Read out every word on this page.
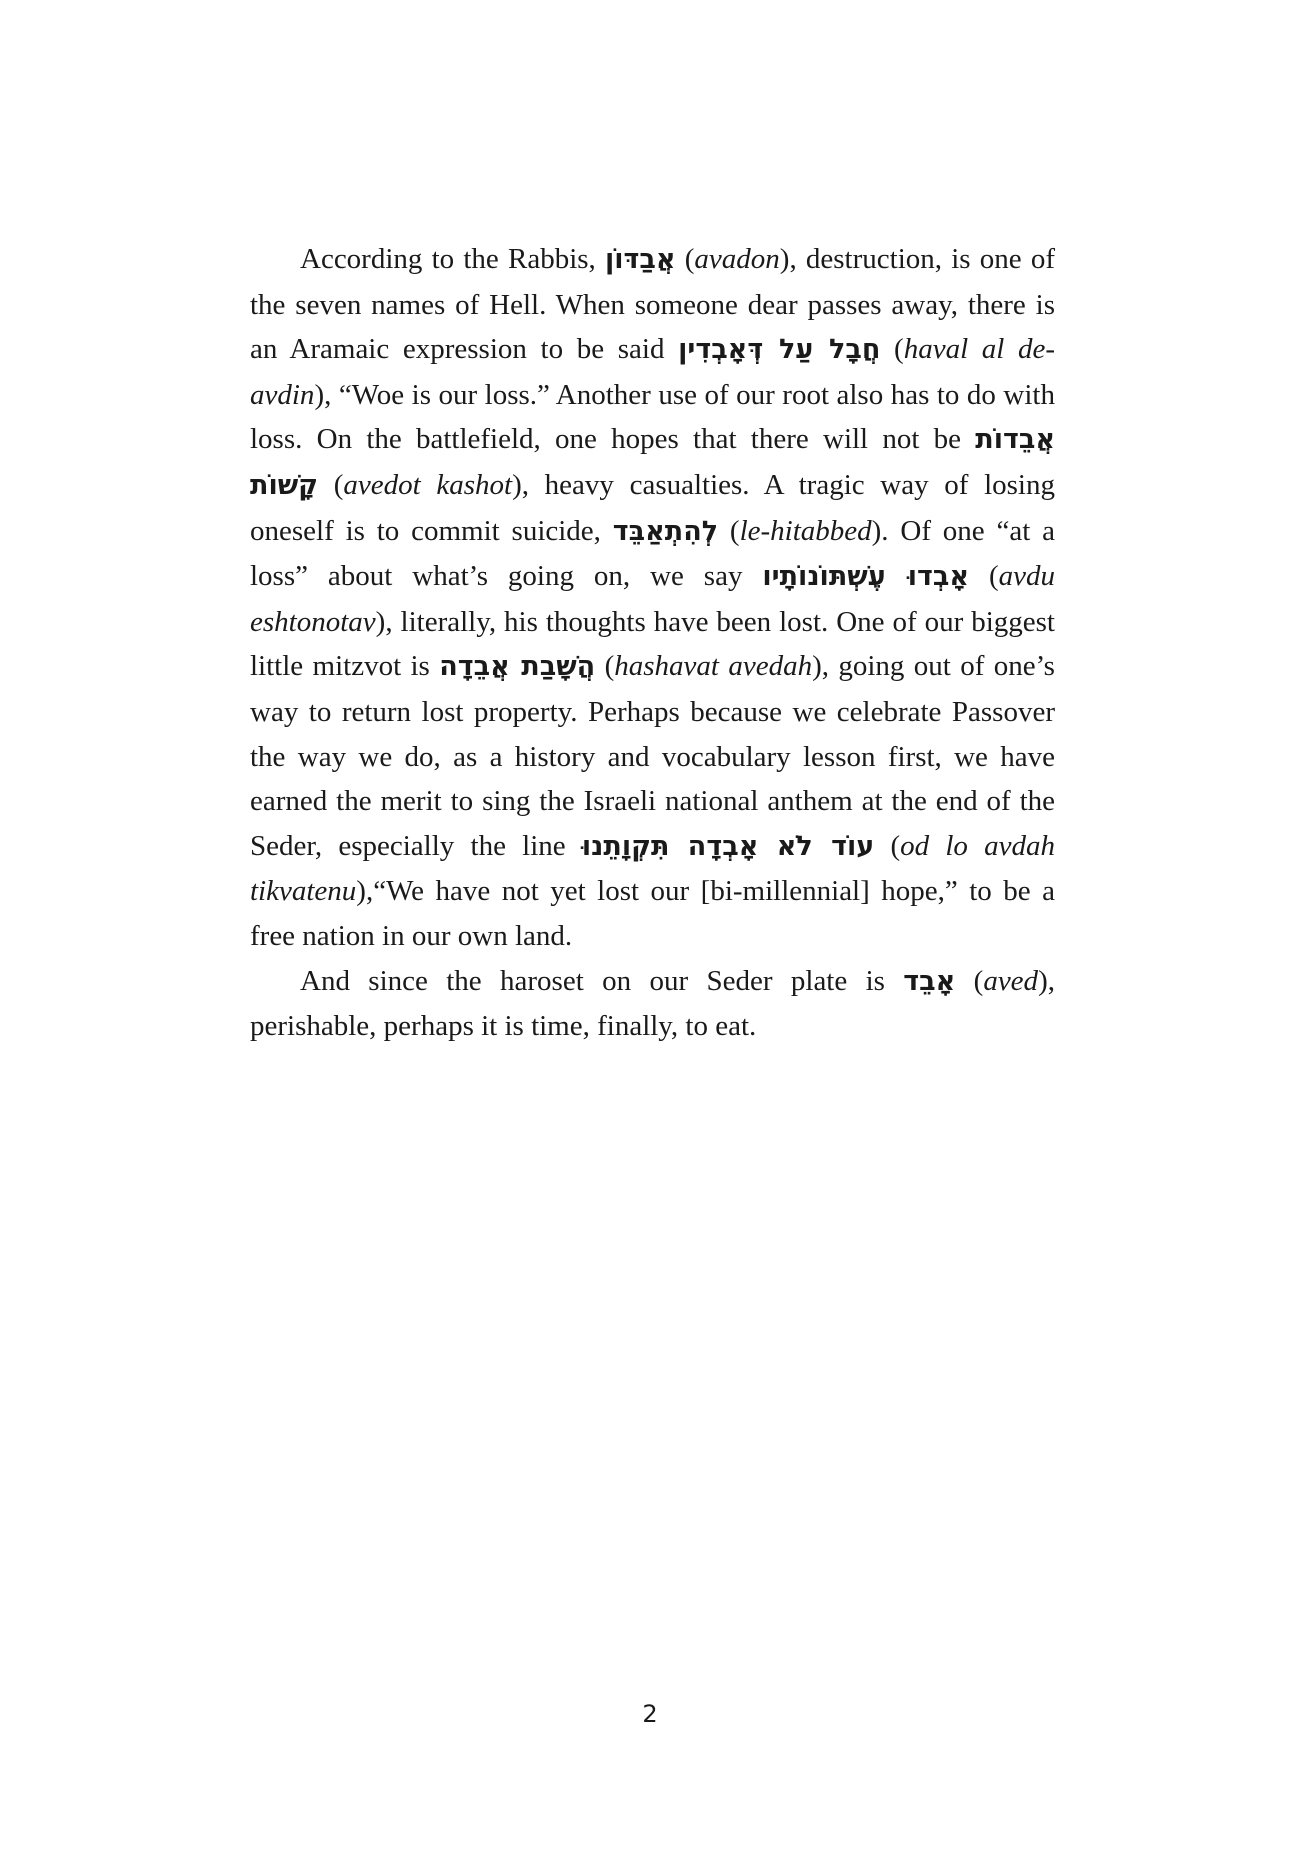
According to the Rabbis, אֲבַדּוֹן (avadon), destruction, is one of the seven names of Hell. When someone dear passes away, there is an Aramaic expression to be said חֲבָל עַל דְּאָבְדִין (haval al de-avdin), “Woe is our loss.” Another use of our root also has to do with loss. On the battlefield, one hopes that there will not be אֲבֵדוֹת קָשׁוֹת (avedot kashot), heavy casualties. A tragic way of losing oneself is to commit suicide, לְהִתְאַבֵּד (le-hitabbed). Of one “at a loss” about what’s going on, we say אָבְדוּ עֶשְׁתּוֹנוֹתָיו (avdu eshtonotav), literally, his thoughts have been lost. One of our biggest little mitzvot is הֲשָׁבַת אֲבֵדָה (hashavat avedah), going out of one’s way to return lost property. Perhaps because we celebrate Passover the way we do, as a history and vocabulary lesson first, we have earned the merit to sing the Israeli national anthem at the end of the Seder, especially the line עוֹד לֹא אָבְדָה תִּקְוָתֵנוּ (od lo avdah tikvatenu),“We have not yet lost our [bi-millennial] hope,” to be a free nation in our own land.

And since the haroset on our Seder plate is אָבֵד (aved), perishable, perhaps it is time, finally, to eat.

2
